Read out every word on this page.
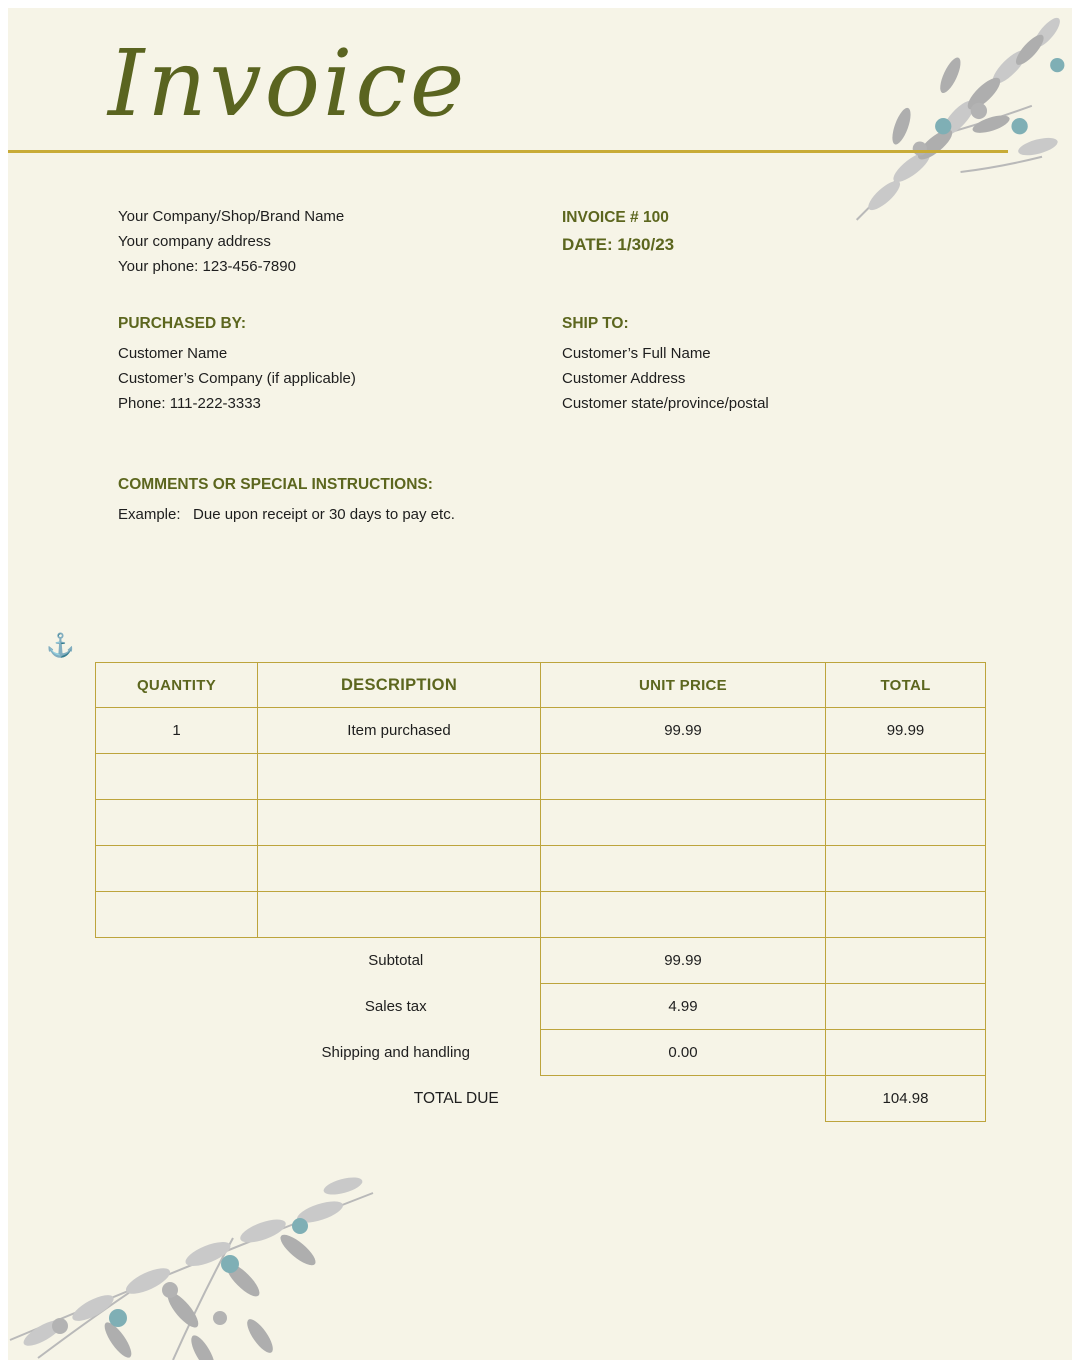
Invoice
Your Company/Shop/Brand Name
Your company address
Your phone: 123-456-7890
INVOICE # 100
DATE: 1/30/23
PURCHASED BY:
Customer Name
Customer’s Company (if applicable)
Phone: 111-222-3333
SHIP TO:
Customer’s Full Name
Customer Address
Customer state/province/postal
COMMENTS OR SPECIAL INSTRUCTIONS:
Example:   Due upon receipt or 30 days to pay etc.
⚓
QUANTITY	DESCRIPTION	UNIT PRICE	TOTAL
1	Item purchased	99.99	99.99

Subtotal		99.99	
Sales tax		4.99	
Shipping and handling		0.00	
TOTAL DUE			104.98
